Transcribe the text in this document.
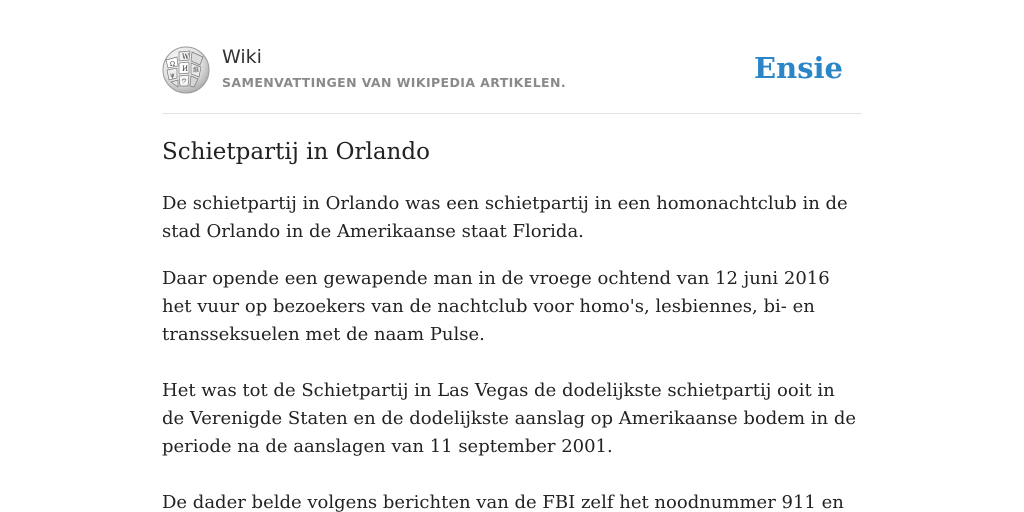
W
Ω
И 維
ψ
ウ
Wiki
SAMENVATTINGEN VAN WIKIPEDIA ARTIKELEN.	Ensie
Schietpartij in Orlando

De schietpartij in Orlando was een schietpartij in een homonachtclub in de stad Orlando in de Amerikaanse staat Florida.

Daar opende een gewapende man in de vroege ochtend van 12 juni 2016 het vuur op bezoekers van de nachtclub voor homo's, lesbiennes, bi- en transseksuelen met de naam Pulse.

Het was tot de Schietpartij in Las Vegas de dodelijkste schietpartij ooit in de Verenigde Staten en de dodelijkste aanslag op Amerikaanse bodem in de periode na de aanslagen van 11 september 2001.

De dader belde volgens berichten van de FBI zelf het noodnummer 911 en
